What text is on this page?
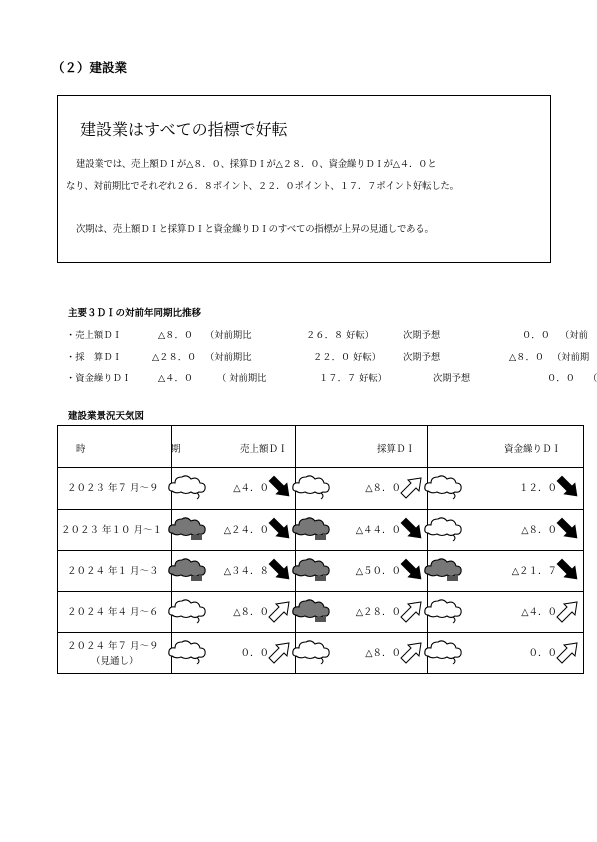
（２）建設業
建設業はすべての指標で好転
建設業では、売上額ＤＩが△８．０、採算ＤＩが△２８．０、資金繰りＤＩが△４．０と
なり、対前期比でそれぞれ２６．８ポイント、２２．０ポイント、１７．７ポイント好転した。
次期は、売上額ＤＩと採算ＤＩと資金繰りＤＩのすべての指標が上昇の見通しである。
主要３ＤＩの対前年同期比推移
・売上額ＤＩ	△８．０ （対前期比	２６．８ 好転）	次期予想	０．０ （対前
・採　算ＤＩ	△２８．０ （対前期比	２２．０ 好転） 次期予想	△８．０ （対前期
・資金繰りＤＩ	△４．０	（ 対前期比	１７．７ 好転）	次期予想	０．０ （
建設業景況天気図
時	期	売上額ＤＩ	採算ＤＩ	資金繰りＤＩ
２０２３ 年７ 月〜９	△４．０	△８．０	１２．０
２０２３ 年１０ 月〜１	△２４．０	△４４．０	△８．０
２０２４ 年１ 月〜３	△３４．８	△５０．０	△２１．７
２０２４ 年４ 月〜６	△８．０	△２８．０	△４．０
２０２４ 年７ 月〜９
（見通し）
０．０	△８．０	０．０
